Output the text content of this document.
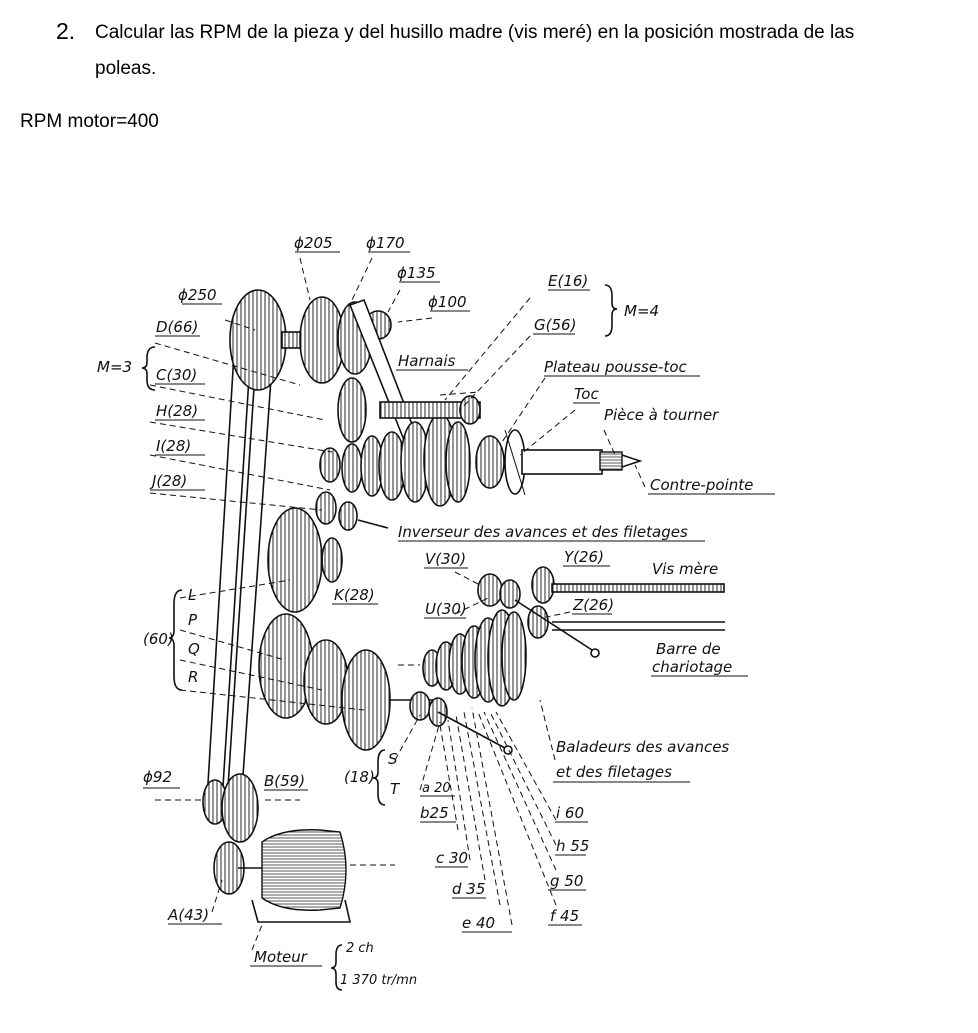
2. Calcular las RPM de la pieza y del husillo madre (vis meré) en la posición mostrada de las
poleas.
RPM motor=400
ϕ250
ϕ205 ϕ170
ϕ135
ϕ100
ϕ92
D(66)
M=3 C(30)
H(28)
I(28)
J(28)
E(16)
G(56)
M=4
Harnais	Plateau pousse-toc
Toc
Pièce à tourner
Contre-pointe
Inverseur des avances et des filetages
V(30)	Y(26)
Vis mère
U(30)	Z(26)
K(28)
Barre de
chariotage
L
P
Q
R
(60)
Baladeurs des avances
et des filetages
S
T
(18)
a 20
b25
c 30
d 35
e 40
i 60
h 55
g 50
f 45
B(59)
A(43)
Moteur	2 ch
1 370 tr/mn
